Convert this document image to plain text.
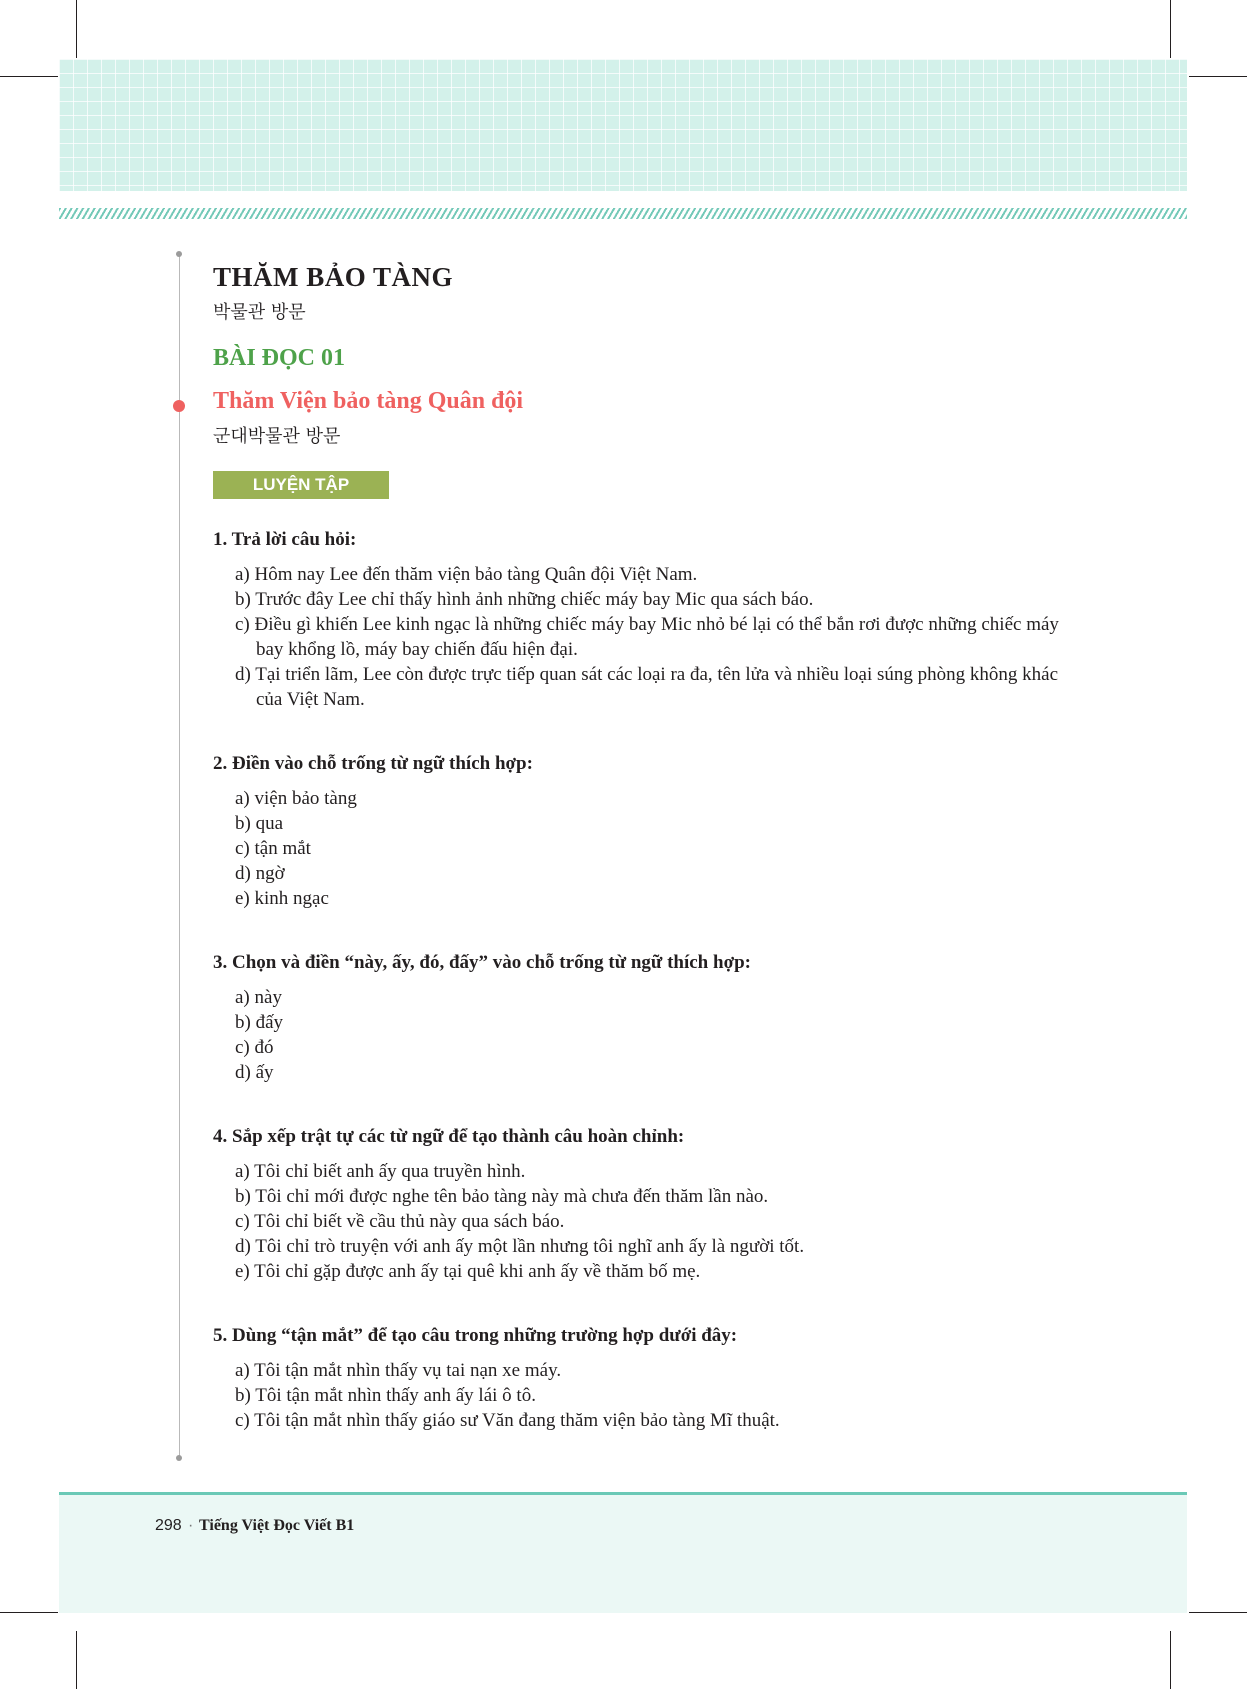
THĂM BẢO TÀNG
박물관 방문
BÀI ĐỌC 01
Thăm Viện bảo tàng Quân đội
군대박물관 방문
LUYỆN TẬP
1. Trả lời câu hỏi:
a) Hôm nay Lee đến thăm viện bảo tàng Quân đội Việt Nam.
b) Trước đây Lee chỉ thấy hình ảnh những chiếc máy bay Mic qua sách báo.
c) Điều gì khiến Lee kinh ngạc là những chiếc máy bay Mic nhỏ bé lại có thể bắn rơi được những chiếc máy bay khổng lồ, máy bay chiến đấu hiện đại.
d) Tại triển lãm, Lee còn được trực tiếp quan sát các loại ra đa, tên lửa và nhiều loại súng phòng không khác của Việt Nam.
2. Điền vào chỗ trống từ ngữ thích hợp:
a) viện bảo tàng
b) qua
c) tận mắt
d) ngờ
e) kinh ngạc
3. Chọn và điền “này, ấy, đó, đấy” vào chỗ trống từ ngữ thích hợp:
a) này
b) đấy
c) đó
d) ấy
4. Sắp xếp trật tự các từ ngữ để tạo thành câu hoàn chỉnh:
a) Tôi chỉ biết anh ấy qua truyền hình.
b) Tôi chỉ mới được nghe tên bảo tàng này mà chưa đến thăm lần nào.
c) Tôi chỉ biết về cầu thủ này qua sách báo.
d) Tôi chỉ trò truyện với anh ấy một lần nhưng tôi nghĩ anh ấy là người tốt.
e) Tôi chỉ gặp được anh ấy tại quê khi anh ấy về thăm bố mẹ.
5. Dùng “tận mắt” để tạo câu trong những trường hợp dưới đây:
a) Tôi tận mắt nhìn thấy vụ tai nạn xe máy.
b) Tôi tận mắt nhìn thấy anh ấy lái ô tô.
c) Tôi tận mắt nhìn thấy giáo sư Văn đang thăm viện bảo tàng Mĩ thuật.
298 · Tiếng Việt Đọc Viết B1
